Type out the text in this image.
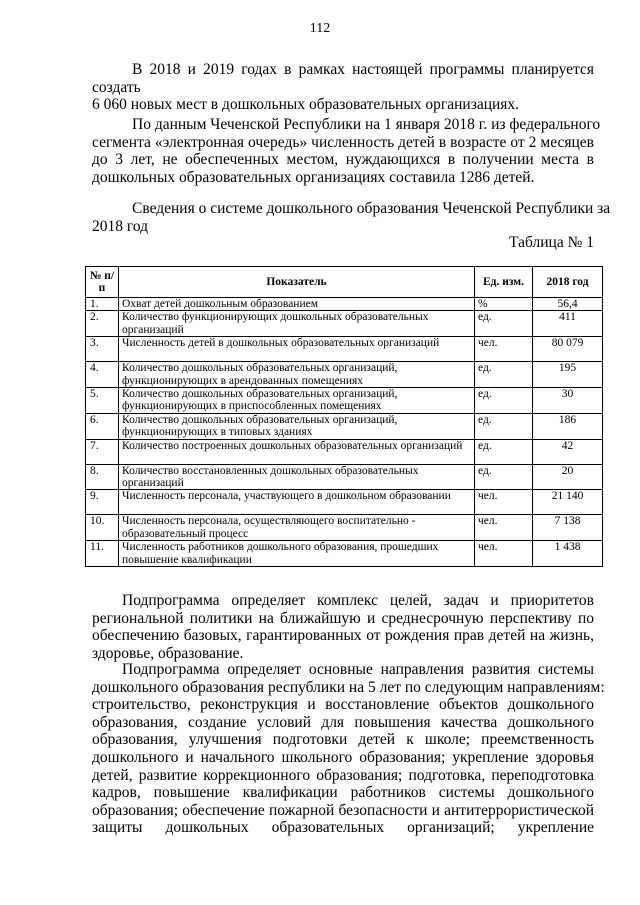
112
В 2018 и 2019 годах в рамках настоящей программы планируется
создать
6 060 новых мест в дошкольных образовательных организациях.
По данным Чеченской Республики на 1 января 2018 г. из федерального
сегмента «электронная очередь» численность детей в возрасте от 2 месяцев
до 3 лет, не обеспеченных местом, нуждающихся в получении места в
дошкольных образовательных организациях составила 1286 детей.
Сведения о системе дошкольного образования Чеченской Республики за
2018 год
Таблица № 1
№ п/п	Показатель	Ед. изм.	2018 год
1.	Охват детей дошкольным образованием	%	56,4
2.	Количество функционирующих дошкольных образовательных организаций	ед.	411
3.	Численность детей в дошкольных образовательных организаций	чел.	80 079
4.	Количество дошкольных образовательных организаций, функционирующих в арендованных помещениях	ед.	195
5.	Количество дошкольных образовательных организаций, функционирующих в приспособленных помещениях	ед.	30
6.	Количество дошкольных образовательных организаций, функционирующих в типовых зданиях	ед.	186
7.	Количество построенных дошкольных образовательных организаций	ед.	42
8.	Количество восстановленных дошкольных образовательных организаций	ед.	20
9.	Численность персонала, участвующего в дошкольном образовании	чел.	21 140
10.	Численность персонала, осуществляющего воспитательно - образовательный процесс	чел.	7 138
11.	Численность работников дошкольного образования, прошедших повышение квалификации	чел.	1 438
Подпрограмма определяет комплекс целей, задач и приоритетов
региональной политики на ближайшую и среднесрочную перспективу по
обеспечению базовых, гарантированных от рождения прав детей на жизнь,
здоровье, образование.
Подпрограмма определяет основные направления развития системы
дошкольного образования республики на 5 лет по следующим направлениям:
строительство, реконструкция и восстановление объектов дошкольного
образования, создание условий для повышения качества дошкольного
образования, улучшения подготовки детей к школе; преемственность
дошкольного и начального школьного образования; укрепление здоровья
детей, развитие коррекционного образования; подготовка, переподготовка
кадров, повышение квалификации работников системы дошкольного
образования; обеспечение пожарной безопасности и антитеррористической
защиты дошкольных образовательных организаций; укрепление
